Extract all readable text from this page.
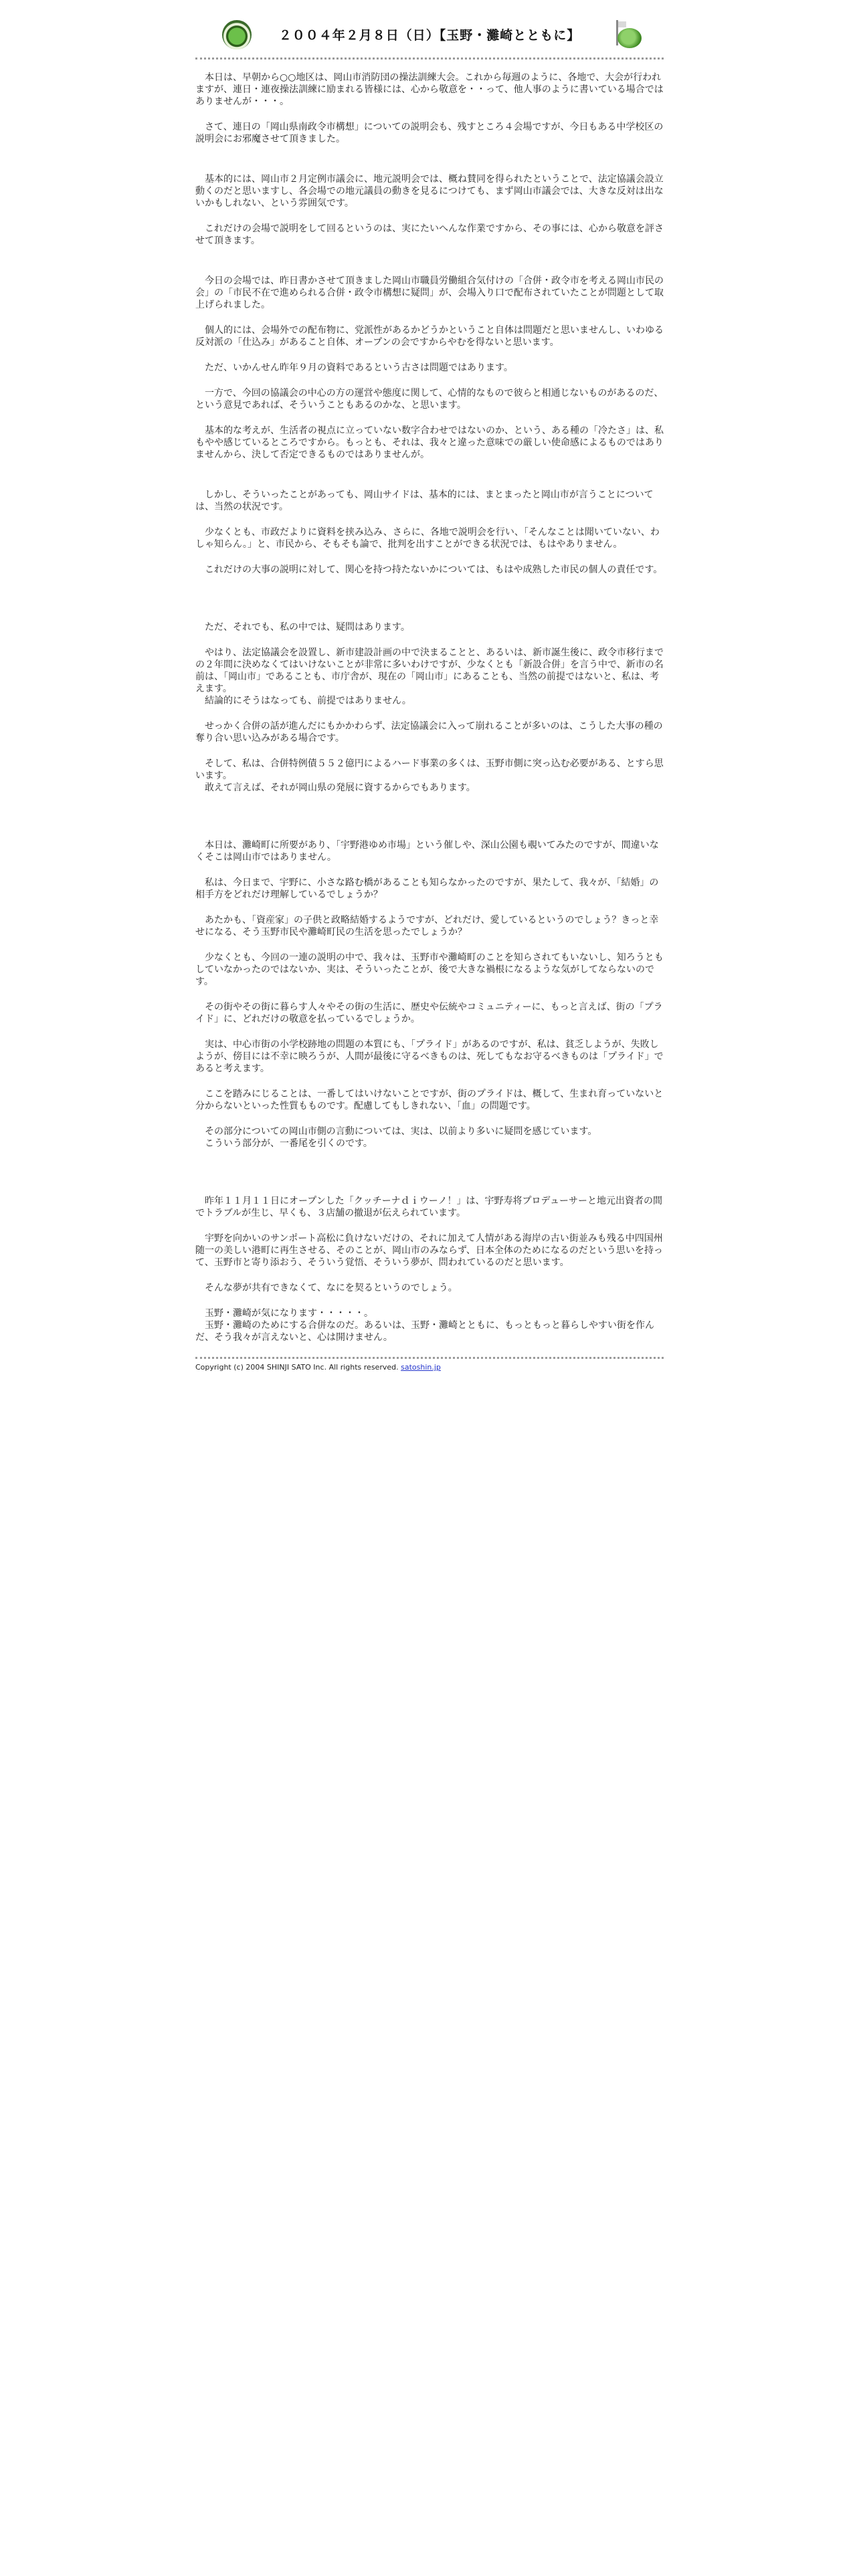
２００４年２月８日（日）【玉野・灘崎とともに】

　本日は、早朝から○○地区は、岡山市消防団の操法訓練大会。これから毎週のように、各地で、大会が行われますが、連日・連夜操法訓練に励まれる皆様には、心から敬意を・・って、他人事のように書いている場合ではありませんが・・・。

　さて、連日の「岡山県南政令市構想」についての説明会も、残すところ４会場ですが、今日もある中学校区の説明会にお邪魔させて頂きました。

　基本的には、岡山市２月定例市議会に、地元説明会では、概ね賛同を得られたということで、法定協議会設立動くのだと思いますし、各会場での地元議員の動きを見るにつけても、まず岡山市議会では、大きな反対は出ないかもしれない、という雰囲気です。

　これだけの会場で説明をして回るというのは、実にたいへんな作業ですから、その事には、心から敬意を評させて頂きます。

　今日の会場では、昨日書かさせて頂きました岡山市職員労働組合気付けの「合併・政令市を考える岡山市民の会」の「市民不在で進められる合併・政令市構想に疑問」が、会場入り口で配布されていたことが問題として取上げられました。

　個人的には、会場外での配布物に、党派性があるかどうかということ自体は問題だと思いませんし、いわゆる反対派の「仕込み」があること自体、オープンの会ですからやむを得ないと思います。

　ただ、いかんせん昨年９月の資料であるという古さは問題ではあります。

　一方で、今回の協議会の中心の方の運営や態度に関して、心情的なもので彼らと相通じないものがあるのだ、という意見であれば、そういうこともあるのかな、と思います。

　基本的な考えが、生活者の視点に立っていない数字合わせではないのか、という、ある種の「冷たさ」は、私もやや感じているところですから。もっとも、それは、我々と違った意味での厳しい使命感によるものではありませんから、決して否定できるものではありませんが。

　しかし、そういったことがあっても、岡山サイドは、基本的には、まとまったと岡山市が言うことについては、当然の状況です。

　少なくとも、市政だよりに資料を挟み込み、さらに、各地で説明会を行い、「そんなことは聞いていない、わしゃ知らん。」と、市民から、そもそも論で、批判を出すことができる状況では、もはやありません。

　これだけの大事の説明に対して、関心を持つ持たないかについては、もはや成熟した市民の個人の責任です。

　ただ、それでも、私の中では、疑問はあります。

　やはり、法定協議会を設置し、新市建設計画の中で決まることと、あるいは、新市誕生後に、政令市移行までの２年間に決めなくてはいけないことが非常に多いわけですが、少なくとも「新設合併」を言う中で、新市の名前は、「岡山市」であることも、市庁舎が、現在の「岡山市」にあることも、当然の前提ではないと、私は、考えます。
　結論的にそうはなっても、前提ではありません。

　せっかく合併の話が進んだにもかかわらず、法定協議会に入って崩れることが多いのは、こうした大事の種の奪り合い思い込みがある場合です。

　そして、私は、合併特例債５５２億円によるハード事業の多くは、玉野市側に突っ込む必要がある、とすら思います。
　敢えて言えば、それが岡山県の発展に資するからでもあります。

　本日は、灘崎町に所要があり、「宇野港ゆめ市場」という催しや、深山公園も覗いてみたのですが、間違いなくそこは岡山市ではありません。

　私は、今日まで、宇野に、小さな路む橋があることも知らなかったのですが、果たして、我々が、「結婚」の相手方をどれだけ理解しているでしょうか？

　あたかも、「資産家」の子供と政略結婚するようですが、どれだけ、愛しているというのでしょう？きっと幸せになる、そう玉野市民や灘崎町民の生活を思ったでしょうか？

　少なくとも、今回の一連の説明の中で、我々は、玉野市や灘崎町のことを知らされてもいないし、知ろうともしていなかったのではないか、実は、そういったことが、後で大きな禍根になるような気がしてならないのです。

　その街やその街に暮らす人々やその街の生活に、歴史や伝統やコミュニティーに、もっと言えば、街の「プライド」に、どれだけの敬意を払っているでしょうか。

　実は、中心市街の小学校跡地の問題の本質にも、「プライド」があるのですが、私は、貧乏しようが、失敗しようが、傍目には不幸に映ろうが、人間が最後に守るべきものは、死してもなお守るべきものは「プライド」であると考えます。

　ここを踏みにじることは、一番してはいけないことですが、街のプライドは、概して、生まれ育っていないと分からないといった性質もものです。配慮してもしきれない、「血」の問題です。

　その部分についての岡山市側の言動については、実は、以前より多いに疑問を感じています。
　こういう部分が、一番尾を引くのです。

　昨年１１月１１日にオープンした「クッチーナｄｉウーノ！」は、宇野寿将プロデューサーと地元出資者の間でトラブルが生じ、早くも、３店舗の撤退が伝えられています。

　宇野を向かいのサンポート高松に負けないだけの、それに加えて人情がある海岸の古い街並みも残る中四国州随一の美しい港町に再生させる、そのことが、岡山市のみならず、日本全体のためになるのだという思いを持って、玉野市と寄り添おう、そういう覚悟、そういう夢が、問われているのだと思います。

　そんな夢が共有できなくて、なにを契るというのでしょう。

　玉野・灘崎が気になります・・・・・。
　玉野・灘崎のためにする合併なのだ。あるいは、玉野・灘崎とともに、もっともっと暮らしやすい街を作んだ、そう我々が言えないと、心は開けません。

Copyright (c) 2004 SHINJI SATO Inc. All rights reserved. satoshin.jp
